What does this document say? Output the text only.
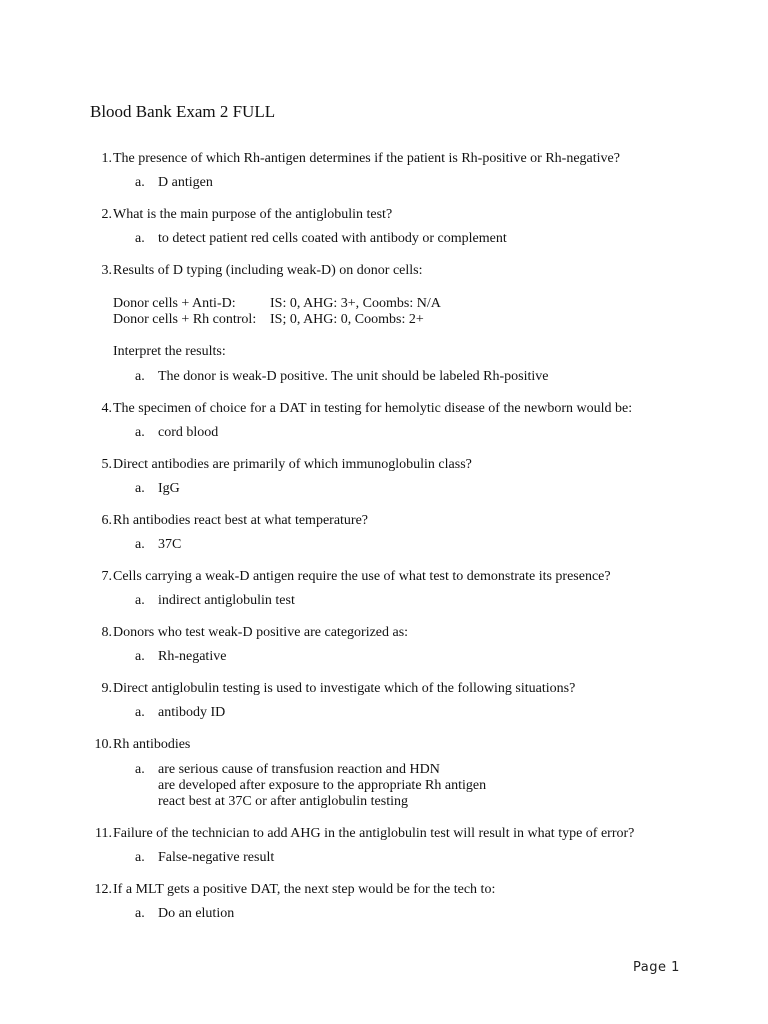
Blood Bank Exam 2 FULL
1. The presence of which Rh-antigen determines if the patient is Rh-positive or Rh-negative?
a. D antigen
2. What is the main purpose of the antiglobulin test?
a. to detect patient red cells coated with antibody or complement
3. Results of D typing (including weak-D) on donor cells:
Donor cells + Anti-D: IS: 0, AHG: 3+, Coombs: N/A
Donor cells + Rh control: IS; 0, AHG: 0, Coombs: 2+
Interpret the results:
a. The donor is weak-D positive. The unit should be labeled Rh-positive
4. The specimen of choice for a DAT in testing for hemolytic disease of the newborn would be:
a. cord blood
5. Direct antibodies are primarily of which immunoglobulin class?
a. IgG
6. Rh antibodies react best at what temperature?
a. 37C
7. Cells carrying a weak-D antigen require the use of what test to demonstrate its presence?
a. indirect antiglobulin test
8. Donors who test weak-D positive are categorized as:
a. Rh-negative
9. Direct antiglobulin testing is used to investigate which of the following situations?
a. antibody ID
10. Rh antibodies
a. are serious cause of transfusion reaction and HDN
are developed after exposure to the appropriate Rh antigen
react best at 37C or after antiglobulin testing
11. Failure of the technician to add AHG in the antiglobulin test will result in what type of error?
a. False-negative result
12. If a MLT gets a positive DAT, the next step would be for the tech to:
a. Do an elution
Page 1
